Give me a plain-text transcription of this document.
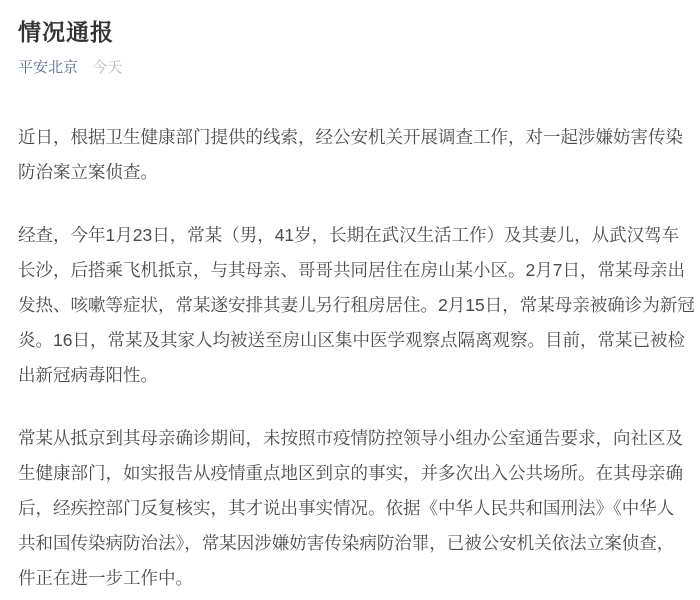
情况通报
平安北京 今天
近日，根据卫生健康部门提供的线索，经公安机关开展调查工作，对一起涉嫌妨害传染
防治案立案侦查。
经查，今年1月23日，常某（男，41岁，长期在武汉生活工作）及其妻儿，从武汉驾车
长沙，后搭乘飞机抵京，与其母亲、哥哥共同居住在房山某小区。2月7日，常某母亲出
发热、咳嗽等症状，常某遂安排其妻儿另行租房居住。2月15日，常某母亲被确诊为新冠
炎。16日，常某及其家人均被送至房山区集中医学观察点隔离观察。目前，常某已被检
出新冠病毒阳性。
常某从抵京到其母亲确诊期间，未按照市疫情防控领导小组办公室通告要求，向社区及
生健康部门，如实报告从疫情重点地区到京的事实，并多次出入公共场所。在其母亲确
后，经疾控部门反复核实，其才说出事实情况。依据《中华人民共和国刑法》《中华人
共和国传染病防治法》，常某因涉嫌妨害传染病防治罪，已被公安机关依法立案侦查，
件正在进一步工作中。
